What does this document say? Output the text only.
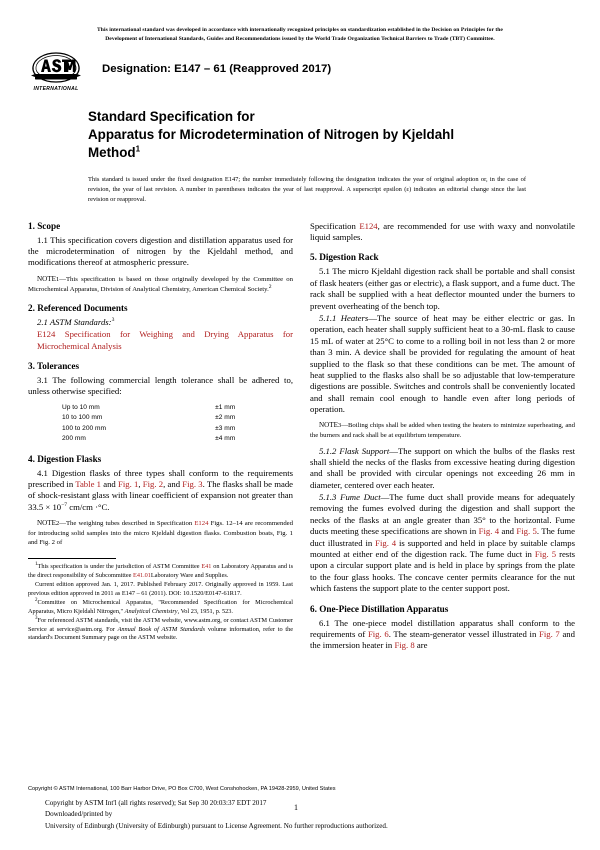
This international standard was developed in accordance with internationally recognized principles on standardization established in the Decision on Principles for the
Development of International Standards, Guides and Recommendations issued by the World Trade Organization Technical Barriers to Trade (TBT) Committee.
INTERNATIONAL
Designation: E147 – 61 (Reapproved 2017)
Standard Specification for
Apparatus for Microdetermination of Nitrogen by Kjeldahl
Method$^1$
This standard is issued under the fixed designation E147; the number immediately following the designation indicates the year of original adoption or, in the case of revision, the year of last revision. A number in parentheses indicates the year of last reapproval. A superscript epsilon (ε) indicates an editorial change since the last revision or reapproval.
1. Scope

1.1 This specification covers digestion and distillation apparatus used for the microdetermination of nitrogen by the Kjeldahl method, and modifications thereof at atmospheric pressure.

NOTE1—This specification is based on those originally developed by the Committee on Microchemical Apparatus, Division of Analytical Chemistry, American Chemical Society.$^2$

2. Referenced Documents

2.1 ASTM Standards:$^3$

E124 Specification for Weighing and Drying Apparatus for Microchemical Analysis

3. Tolerances

3.1 The following commercial length tolerance shall be adhered to, unless otherwise specified:

Up to 10 mm	±1 mm
10 to 100 mm	±2 mm
100 to 200 mm	±3 mm
200 mm	±4 mm
4. Digestion Flasks

4.1 Digestion flasks of three types shall conform to the requirements prescribed in Table 1 and Fig. 1, Fig. 2, and Fig. 3. The flasks shall be made of shock-resistant glass with linear coefficient of expansion not greater than 33.5 × 10$^{-7}$ cm/cm ·°C.

NOTE2—The weighing tubes described in Specification E124 Figs. 12–14 are recommended for introducing solid samples into the micro Kjeldahl digestion flasks. Combustion boats, Fig. 1 and Fig. 2 of

$^1$This specification is under the jurisdiction of ASTM Committee E41 on Laboratory Apparatus and is the direct responsibility of Subcommittee E41.01Laboratory Ware and Supplies.

Current edition approved Jan. 1, 2017. Published February 2017. Originally approved in 1959. Last previous edition approved in 2011 as E147 – 61 (2011). DOI: 10.1520/E0147-61R17.

$^2$Committee on Microchemical Apparatus, "Recommended Specification for Microchemical Apparatus, Micro Kjeldahl Nitrogen," Analytical Chemistry, Vol 23, 1951, p. 523.

$^3$For referenced ASTM standards, visit the ASTM website, www.astm.org, or contact ASTM Customer Service at service@astm.org. For Annual Book of ASTM Standards volume information, refer to the standard's Document Summary page on the ASTM website.

Specification E124, are recommended for use with waxy and nonvolatile liquid samples.

5. Digestion Rack

5.1 The micro Kjeldahl digestion rack shall be portable and shall consist of flask heaters (either gas or electric), a flask support, and a fume duct. The rack shall be supplied with a heat deflector mounted under the burners to prevent overheating of the bench top.

5.1.1 Heaters—The source of heat may be either electric or gas. In operation, each heater shall supply sufficient heat to a 30-mL flask to cause 15 mL of water at 25°C to come to a rolling boil in not less than 2 or more than 3 min. A device shall be provided for regulating the amount of heat supplied to the flask so that these conditions can be met. The amount of heat supplied to the flasks also shall be so adjustable that low-temperature digestions are possible. Switches and controls shall be conveniently located and shall remain cool enough to handle even after long periods of operation.

NOTE3—Boiling chips shall be added when testing the heaters to minimize superheating, and the burners and rack shall be at equilibrium temperature.

5.1.2 Flask Support—The support on which the bulbs of the flasks rest shall shield the necks of the flasks from excessive heating during digestion and shall be provided with circular openings not exceeding 26 mm in diameter, centered over each heater.

5.1.3 Fume Duct—The fume duct shall provide means for adequately removing the fumes evolved during the digestion and shall support the necks of the flasks at an angle greater than 35° to the horizontal. Fume ducts meeting these specifications are shown in Fig. 4 and Fig. 5. The fume duct illustrated in Fig. 4 is supported and held in place by suitable clamps mounted at either end of the digestion rack. The fume duct in Fig. 5 rests upon a circular support plate and is held in place by springs from the plate to the four glass hooks. The concave center permits clearance for the nut which fastens the support plate to the center support post.

6. One-Piece Distillation Apparatus

6.1 The one-piece model distillation apparatus shall conform to the requirements of Fig. 6. The steam-generator vessel illustrated in Fig. 7 and the immersion heater in Fig. 8 are

Copyright © ASTM International, 100 Barr Harbor Drive, PO Box C700, West Conshohocken, PA 19428-2959, United States
Copyright by ASTM Int'l (all rights reserved); Sat Sep 30 20:03:37 EDT 2017
Downloaded/printed by
University of Edinburgh (University of Edinburgh) pursuant to License Agreement. No further reproductions authorized.
1
